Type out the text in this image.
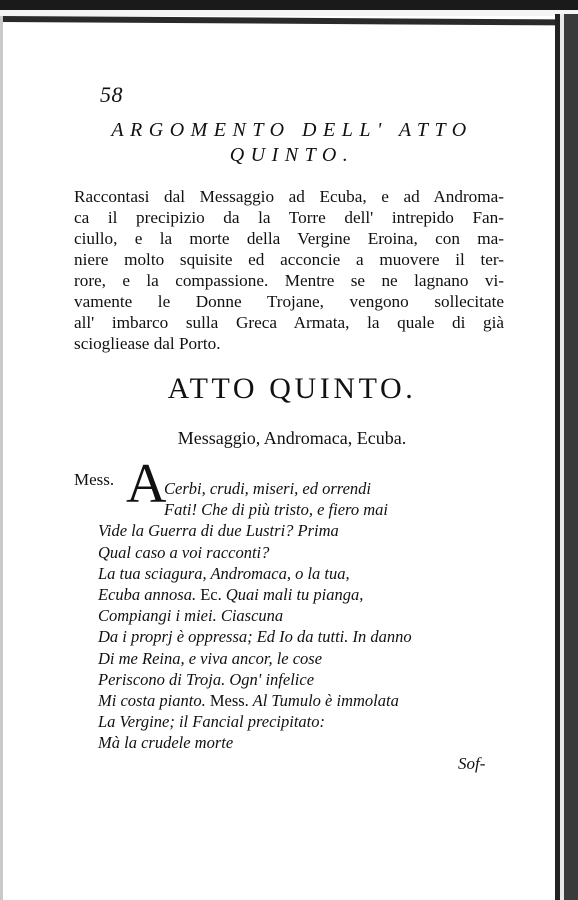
58
ARGOMENTO DELL' ATTO
QUINTO.
Raccontasi dal Messaggio ad Ecuba, e ad Androma-
ca il precipizio da la Torre dell' intrepido Fan-
ciullo, e la morte della Vergine Eroina, con ma-
niere molto squisite ed acconcie a muovere il ter-
rore, e la compassione. Mentre se ne lagnano vi-
vamente le Donne Trojane, vengono sollecitate
all' imbarco sulla Greca Armata, la quale di già
sciogliease dal Porto.
ATTO QUINTO.
Messaggio, Andromaca, Ecuba.
Mess. A
Cerbi, crudi, miseri, ed orrendi
Fati! Che di più tristo, e fiero mai
Vide la Guerra di due Lustri? Prima
Qual caso a voi racconti?
La tua sciagura, Andromaca, o la tua,
Ecuba annosa. Ec. Quai mali tu pianga,
Compiangi i miei. Ciascuna
Da i proprj è oppressa; Ed Io da tutti. In danno
Di me Reina, e viva ancor, le cose
Periscono di Troja. Ogn' infelice
Mi costa pianto. Mess. Al Tumulo è immolata
La Vergine; il Fancial precipitato:
Mà la crudele morte
Sof-
